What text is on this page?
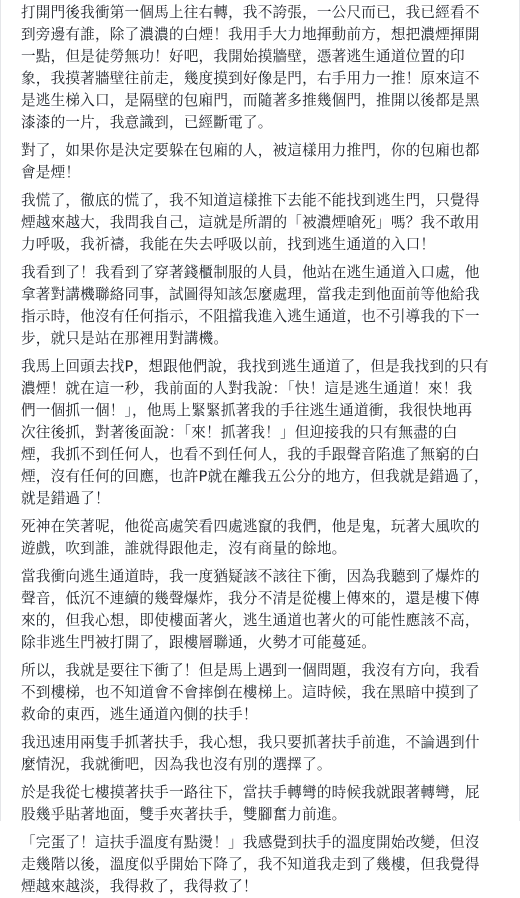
打開門後我衝第一個馬上往右轉，我不誇張，一公尺而已，我已經看不
到旁邊有誰，除了濃濃的白煙！我用手大力地揮動前方，想把濃煙揮開
一點，但是徒勞無功！好吧，我開始摸牆壁，憑著逃生通道位置的印
象，我摸著牆壁往前走，幾度摸到好像是門，右手用力一推！原來這不
是逃生梯入口，是隔壁的包廂門，而隨著多推幾個門，推開以後都是黑
漆漆的一片，我意識到，已經斷電了。

對了，如果你是決定要躲在包廂的人，被這樣用力推門，你的包廂也都
會是煙！

我慌了，徹底的慌了，我不知道這樣推下去能不能找到逃生門，只覺得
煙越來越大，我問我自己，這就是所謂的「被濃煙嗆死」嗎？我不敢用
力呼吸，我祈禱，我能在失去呼吸以前，找到逃生通道的入口！

我看到了！我看到了穿著錢櫃制服的人員，他站在逃生通道入口處，他
拿著對講機聯絡同事，試圖得知該怎麼處理，當我走到他面前等他給我
指示時，他沒有任何指示，不阻擋我進入逃生通道，也不引導我的下一
步，就只是站在那裡用對講機。

我馬上回頭去找P，想跟他們說，我找到逃生通道了，但是我找到的只有
濃煙！就在這一秒，我前面的人對我說：「快！這是逃生通道！來！我
們一個抓一個！」，他馬上緊緊抓著我的手往逃生通道衝，我很快地再
次往後抓，對著後面說：「來！抓著我！」但迎接我的只有無盡的白
煙，我抓不到任何人，也看不到任何人，我的手跟聲音陷進了無窮的白
煙，沒有任何的回應，也許P就在離我五公分的地方，但我就是錯過了，
就是錯過了！

死神在笑著呢，他從高處笑看四處逃竄的我們，他是鬼，玩著大風吹的
遊戲，吹到誰，誰就得跟他走，沒有商量的餘地。

當我衝向逃生通道時，我一度猶疑該不該往下衝，因為我聽到了爆炸的
聲音，低沉不連續的幾聲爆炸，我分不清是從樓上傳來的，還是樓下傳
來的，但我心想，即使樓面著火，逃生通道也著火的可能性應該不高，
除非逃生門被打開了，跟樓層聯通，火勢才可能蔓延。

所以，我就是要往下衝了！但是馬上遇到一個問題，我沒有方向，我看
不到樓梯，也不知道會不會摔倒在樓梯上。這時候，我在黑暗中摸到了
救命的東西，逃生通道內側的扶手！

我迅速用兩隻手抓著扶手，我心想，我只要抓著扶手前進，不論遇到什
麼情況，我就衝吧，因為我也沒有別的選擇了。

於是我從七樓摸著扶手一路往下，當扶手轉彎的時候我就跟著轉彎，屁
股幾乎貼著地面，雙手夾著扶手，雙腳奮力前進。

「完蛋了！這扶手溫度有點燙！」我感覺到扶手的溫度開始改變，但沒
走幾階以後，溫度似乎開始下降了，我不知道我走到了幾樓，但我覺得
煙越來越淡，我得救了，我得救了！
